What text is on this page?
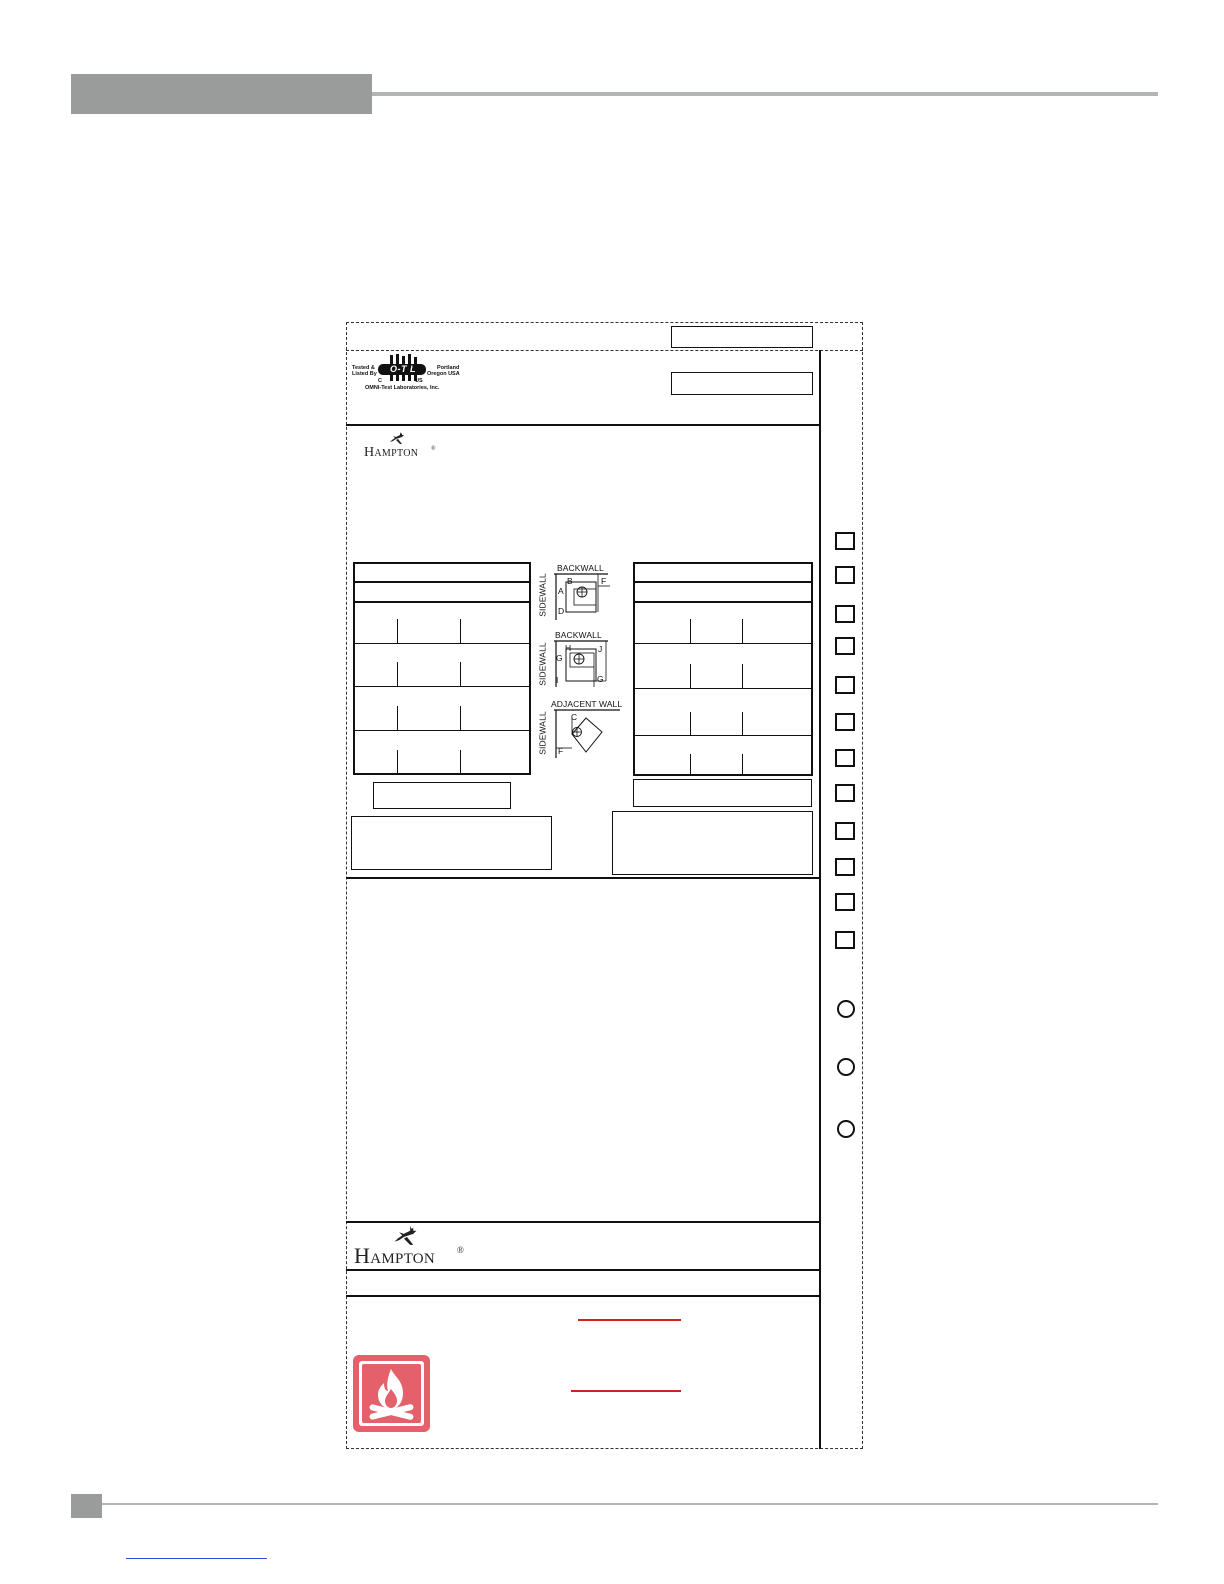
Tested &
Listed By
Portland
Oregon USA
O-T L
C	US
OMNI-Test Laboratories, Inc.
Hampton ®
BACKWALL
SIDEWALL B	F
A
D
BACKWALL
SIDEWALL H	J
G
I	G
ADJACENT WALL
SIDEWALL	C
F
Hampton ®
